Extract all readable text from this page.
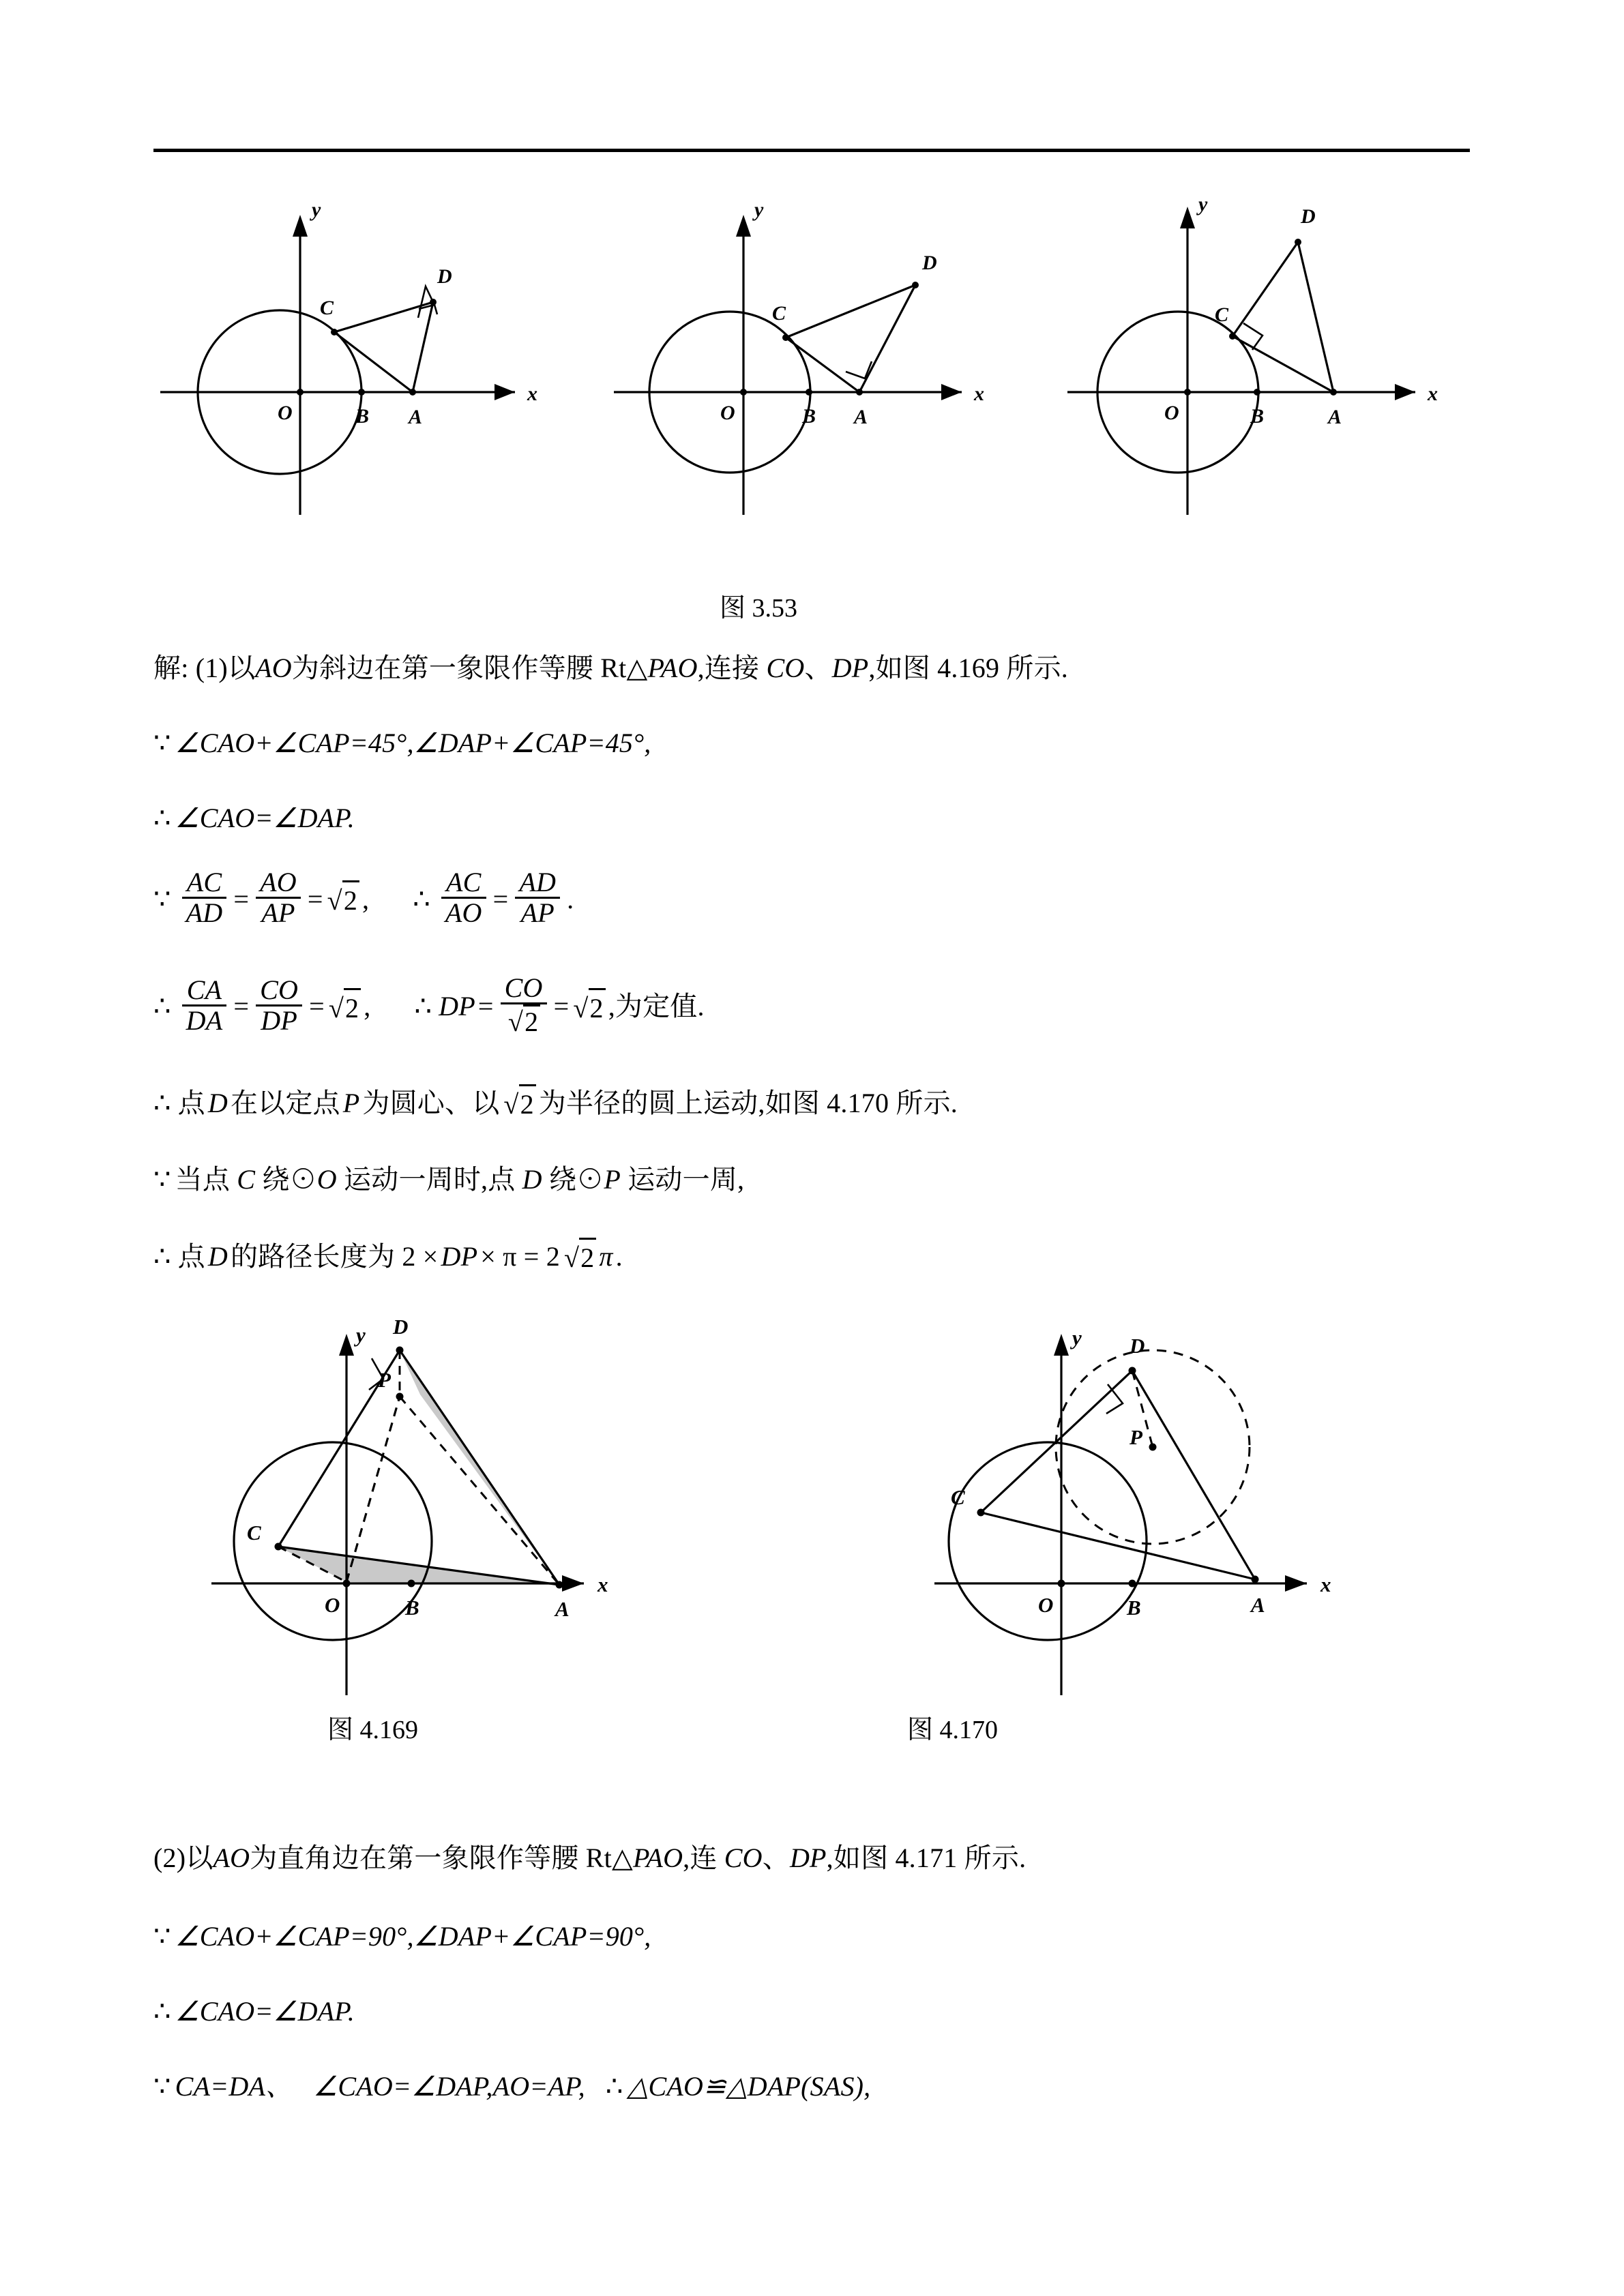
y
x
O	B A
C
D
y
x
O	B A
C
D
y
x
O	B	A
C
D
图 3.53
解: (1)以AO为斜边在第一象限作等腰 Rt△PAO,连接 CO、DP,如图 4.169 所示.
∵ ∠CAO+∠CAP=45°,∠DAP+∠CAP=45°,
∴ ∠CAO=∠DAP.
∵ $\frac{AC}{AD} = \frac{AO}{AP} = √2$ , ∴ $\frac{AC}{AO} = \frac{AD}{AP}$ .
∴ $\frac{CA}{DA} = \frac{CO}{DP} = √2$ , ∴ DP = $\frac{CO}{√2} = √2$ ,为定值.
∴ 点 D 在以定点 P 为圆心、以 √2 为半径的圆上运动,如图 4.170 所示.
∵ 当点 C 绕⊙O 运动一周时,点 D 绕⊙P 运动一周,
∴ 点 D 的路径长度为 2 × DP × π = 2 √2 π .
y
x
O	B	A
C
D
P
y
x
O	B	A
C
D
P
图 4.169	图 4.170
(2)以AO为直角边在第一象限作等腰 Rt△PAO,连 CO、DP,如图 4.171 所示.
∵ ∠CAO+∠CAP=90°,∠DAP+∠CAP=90°,
∴ ∠CAO=∠DAP.
∵ CA=DA、 ∠CAO=∠DAP,AO=AP, ∴ △CAO≌△DAP(SAS),
